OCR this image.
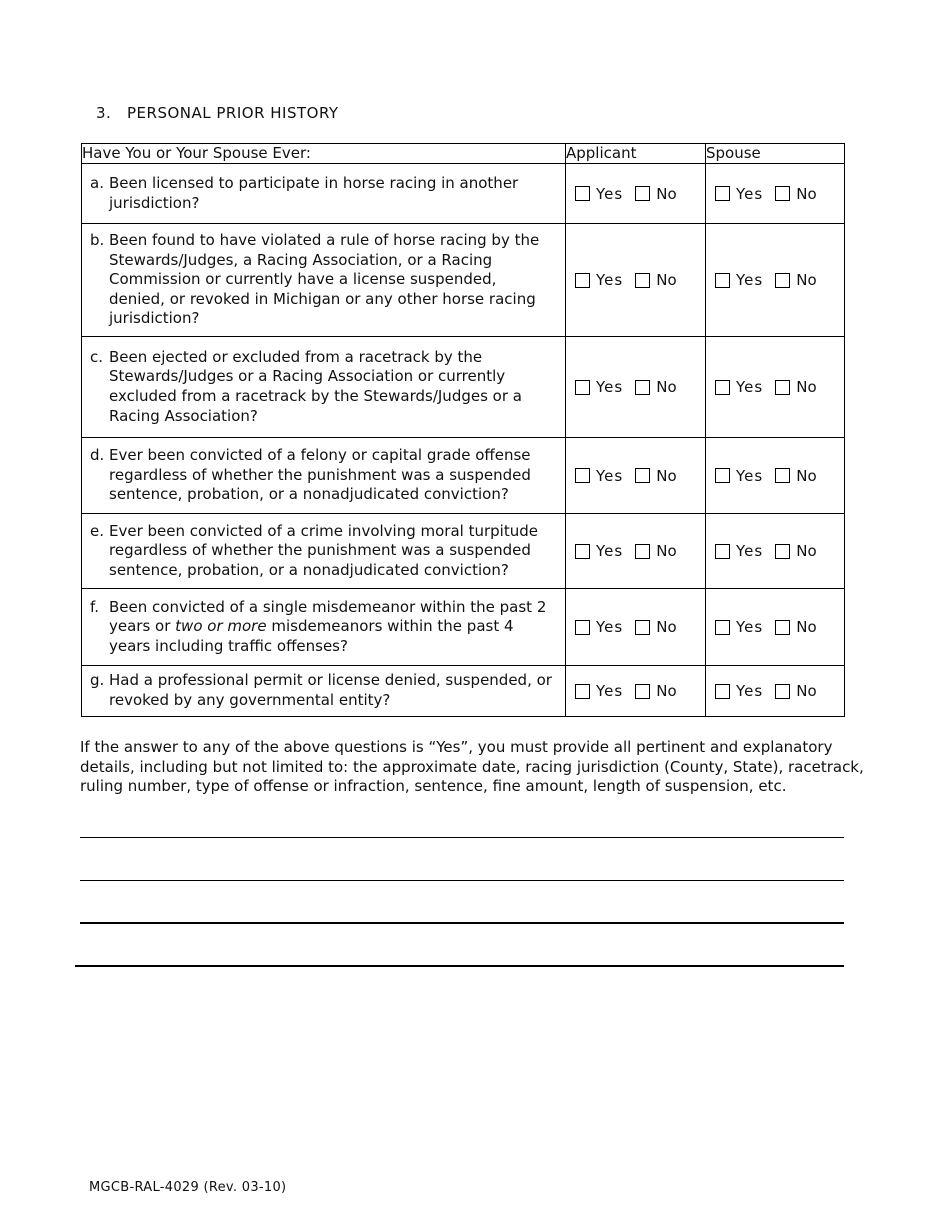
3. PERSONAL PRIOR HISTORY
Have You or Your Spouse Ever:	Applicant	Spouse

a. Been licensed to participate in horse racing in another jurisdiction?	Yes No	Yes No

b. Been found to have violated a rule of horse racing by the Stewards/Judges, a Racing Association, or a Racing Commission or currently have a license suspended, denied, or revoked in Michigan or any other horse racing jurisdiction?	Yes No	Yes No

c. Been ejected or excluded from a racetrack by the Stewards/Judges or a Racing Association or currently excluded from a racetrack by the Stewards/Judges or a Racing Association?	Yes No	Yes No

d. Ever been convicted of a felony or capital grade offense regardless of whether the punishment was a suspended sentence, probation, or a nonadjudicated conviction?	Yes No	Yes No

e. Ever been convicted of a crime involving moral turpitude regardless of whether the punishment was a suspended sentence, probation, or a nonadjudicated conviction?	Yes No	Yes No

f. Been convicted of a single misdemeanor within the past 2 years or two or more misdemeanors within the past 4 years including traffic offenses?	Yes No	Yes No

g. Had a professional permit or license denied, suspended, or revoked by any governmental entity?	Yes No	Yes No
If the answer to any of the above questions is “Yes”, you must provide all pertinent and explanatory details, including but not limited to: the approximate date, racing jurisdiction (County, State), racetrack, ruling number, type of offense or infraction, sentence, fine amount, length of suspension, etc.
MGCB-RAL-4029 (Rev. 03-10)
